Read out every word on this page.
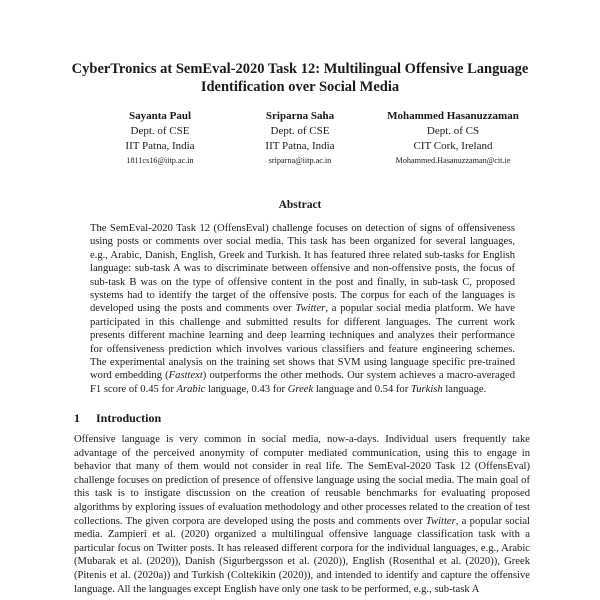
CyberTronics at SemEval-2020 Task 12: Multilingual Offensive Language
Identification over Social Media
Sayanta Paul
Dept. of CSE
IIT Patna, India
1811cs16@iitp.ac.in
Sriparna Saha
Dept. of CSE
IIT Patna, India
sriparna@iitp.ac.in
Mohammed Hasanuzzaman
Dept. of CS
CIT Cork, Ireland
Mohammed.Hasanuzzaman@cit.ie
Abstract

The SemEval-2020 Task 12 (OffensEval) challenge focuses on detection of signs of offensiveness using posts or comments over social media. This task has been organized for several languages, e.g., Arabic, Danish, English, Greek and Turkish. It has featured three related sub-tasks for English language: sub-task A was to discriminate between offensive and non-offensive posts, the focus of sub-task B was on the type of offensive content in the post and finally, in sub-task C, proposed systems had to identify the target of the offensive posts. The corpus for each of the languages is developed using the posts and comments over Twitter, a popular social media platform. We have participated in this challenge and submitted results for different languages. The current work presents different machine learning and deep learning techniques and analyzes their performance for offensiveness prediction which involves various classifiers and feature engineering schemes. The experimental analysis on the training set shows that SVM using language specific pre-trained word embedding (Fasttext) outperforms the other methods. Our system achieves a macro-averaged F1 score of 0.45 for Arabic language, 0.43 for Greek language and 0.54 for Turkish language.

1 Introduction

Offensive language is very common in social media, now-a-days. Individual users frequently take advantage of the perceived anonymity of computer mediated communication, using this to engage in behavior that many of them would not consider in real life. The SemEval-2020 Task 12 (OffensEval) challenge focuses on prediction of presence of offensive language using the social media. The main goal of this task is to instigate discussion on the creation of reusable benchmarks for evaluating proposed algorithms by exploring issues of evaluation methodology and other processes related to the creation of test collections. The given corpora are developed using the posts and comments over Twitter, a popular social media. Zampieri et al. (2020) organized a multilingual offensive language classification task with a particular focus on Twitter posts. It has released different corpora for the individual languages, e.g., Arabic (Mubarak et al. (2020)), Danish (Sigurbergsson et al. (2020)), English (Rosenthal et al. (2020)), Greek (Pitenis et al. (2020a)) and Turkish (Coltekikin (2020)), and intended to identify and capture the offensive language. All the languages except English have only one task to be performed, e.g., sub-task A
